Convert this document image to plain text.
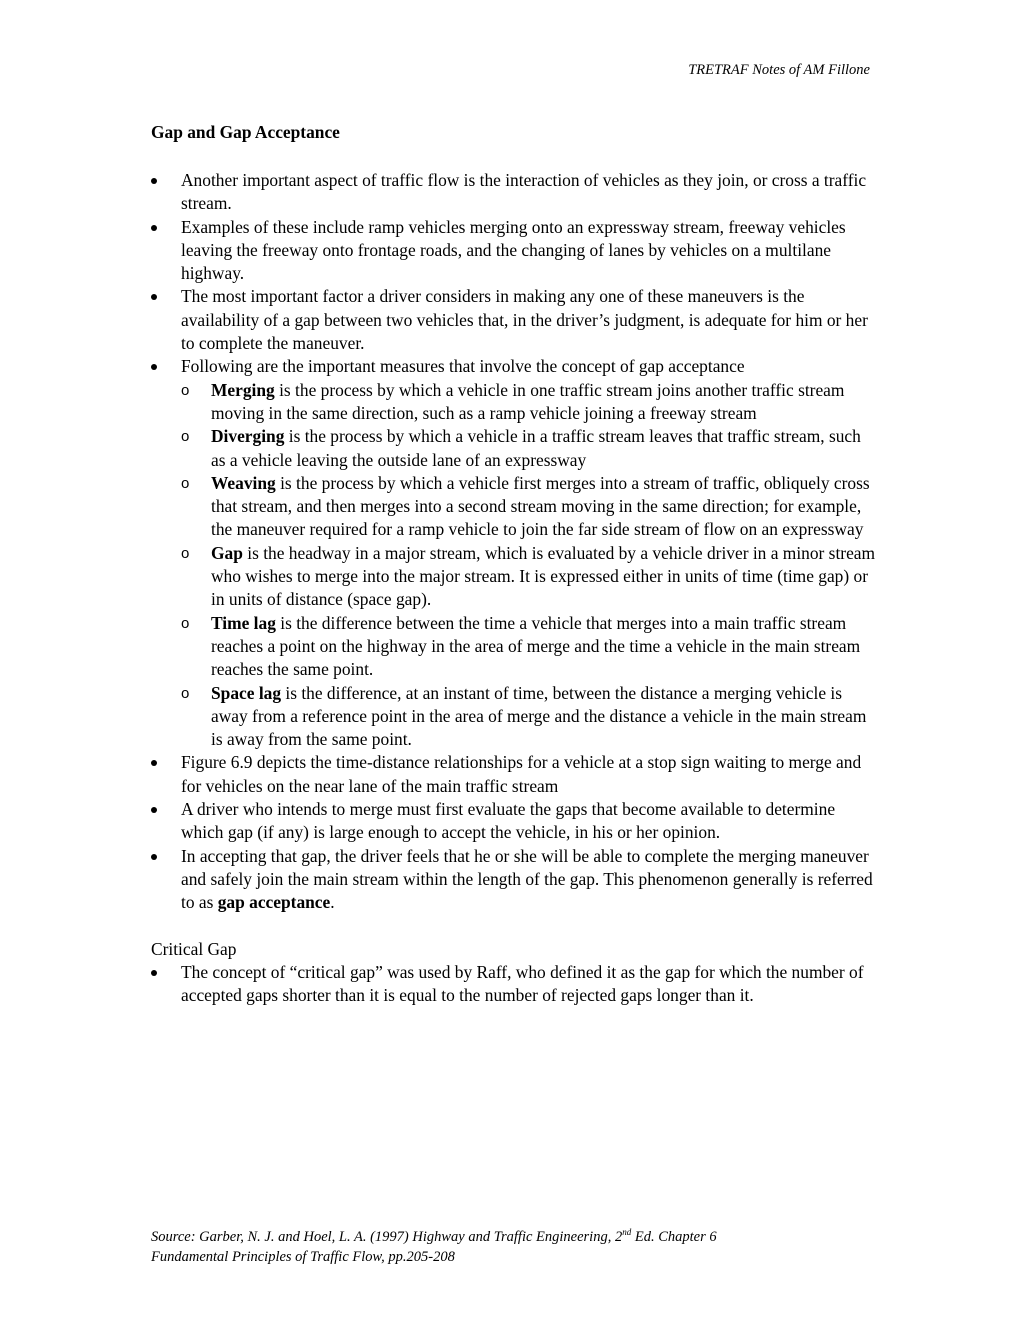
TRETRAF Notes of AM Fillone
Gap and Gap Acceptance
Another important aspect of traffic flow is the interaction of vehicles as they join, or cross a traffic stream.
Examples of these include ramp vehicles merging onto an expressway stream, freeway vehicles leaving the freeway onto frontage roads, and the changing of lanes by vehicles on a multilane highway.
The most important factor a driver considers in making any one of these maneuvers is the availability of a gap between two vehicles that, in the driver’s judgment, is adequate for him or her to complete the maneuver.
Following are the important measures that involve the concept of gap acceptance
o Merging is the process by which a vehicle in one traffic stream joins another traffic stream moving in the same direction, such as a ramp vehicle joining a freeway stream
o Diverging is the process by which a vehicle in a traffic stream leaves that traffic stream, such as a vehicle leaving the outside lane of an expressway
o Weaving is the process by which a vehicle first merges into a stream of traffic, obliquely cross that stream, and then merges into a second stream moving in the same direction; for example, the maneuver required for a ramp vehicle to join the far side stream of flow on an expressway
o Gap is the headway in a major stream, which is evaluated by a vehicle driver in a minor stream who wishes to merge into the major stream. It is expressed either in units of time (time gap) or in units of distance (space gap).
o Time lag is the difference between the time a vehicle that merges into a main traffic stream reaches a point on the highway in the area of merge and the time a vehicle in the main stream reaches the same point.
o Space lag is the difference, at an instant of time, between the distance a merging vehicle is away from a reference point in the area of merge and the distance a vehicle in the main stream is away from the same point.
Figure 6.9 depicts the time-distance relationships for a vehicle at a stop sign waiting to merge and for vehicles on the near lane of the main traffic stream
A driver who intends to merge must first evaluate the gaps that become available to determine which gap (if any) is large enough to accept the vehicle, in his or her opinion.
In accepting that gap, the driver feels that he or she will be able to complete the merging maneuver and safely join the main stream within the length of the gap. This phenomenon generally is referred to as gap acceptance.
Critical Gap
The concept of “critical gap” was used by Raff, who defined it as the gap for which the number of accepted gaps shorter than it is equal to the number of rejected gaps longer than it.
Source: Garber, N. J. and Hoel, L. A. (1997) Highway and Traffic Engineering, 2nd Ed. Chapter 6
Fundamental Principles of Traffic Flow, pp.205-208
